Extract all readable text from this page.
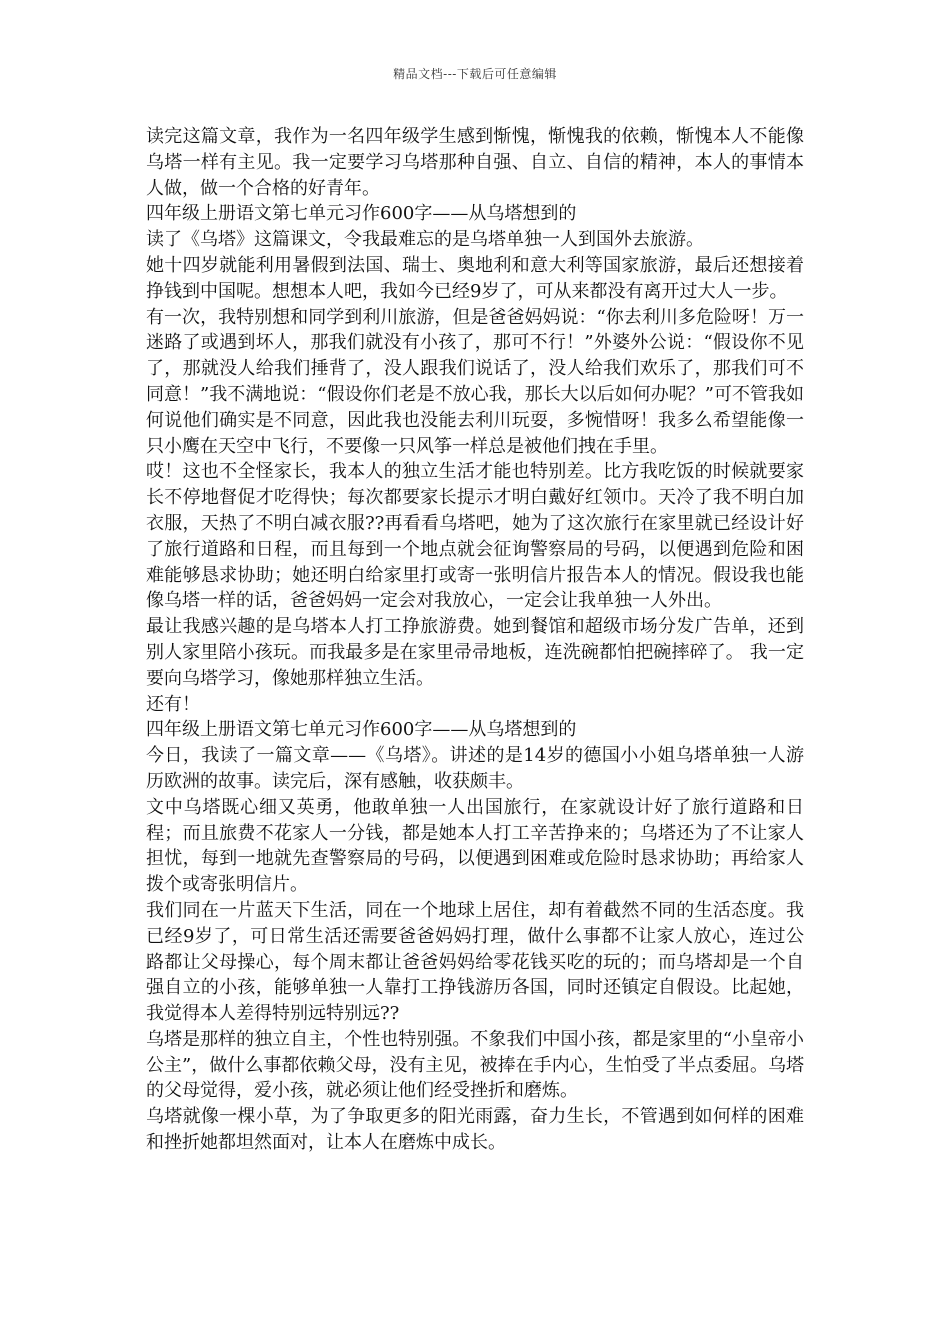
精品文档---下载后可任意编辑

读完这篇文章，我作为一名四年级学生感到惭愧，惭愧我的依赖，惭愧本人不能像乌塔一样有主见。我一定要学习乌塔那种自强、自立、自信的精神，本人的事情本人做，做一个合格的好青年。

四年级上册语文第七单元习作600字——从乌塔想到的

读了《乌塔》这篇课文，令我最难忘的是乌塔单独一人到国外去旅游。

她十四岁就能利用暑假到法国、瑞士、奥地利和意大利等国家旅游，最后还想接着挣钱到中国呢。想想本人吧，我如今已经9岁了，可从来都没有离开过大人一步。

有一次，我特别想和同学到利川旅游，但是爸爸妈妈说：“你去利川多危险呀！万一迷路了或遇到坏人，那我们就没有小孩了，那可不行！”外婆外公说：“假设你不见了，那就没人给我们捶背了，没人跟我们说话了，没人给我们欢乐了，那我们可不同意！”我不满地说：“假设你们老是不放心我，那长大以后如何办呢？”可不管我如何说他们确实是不同意，因此我也没能去利川玩耍，多惋惜呀！我多么希望能像一只小鹰在天空中飞行，不要像一只风筝一样总是被他们拽在手里。

哎！这也不全怪家长，我本人的独立生活才能也特别差。比方我吃饭的时候就要家长不停地督促才吃得快；每次都要家长提示才明白戴好红领巾。天冷了我不明白加衣服，天热了不明白减衣服??再看看乌塔吧，她为了这次旅行在家里就已经设计好了旅行道路和日程，而且每到一个地点就会征询警察局的号码，以便遇到危险和困难能够恳求协助；她还明白给家里打或寄一张明信片报告本人的情况。假设我也能像乌塔一样的话，爸爸妈妈一定会对我放心，一定会让我单独一人外出。

最让我感兴趣的是乌塔本人打工挣旅游费。她到餐馆和超级市场分发广告单，还到别人家里陪小孩玩。而我最多是在家里帚帚地板，连洗碗都怕把碗摔碎了。 我一定要向乌塔学习，像她那样独立生活。

还有！

四年级上册语文第七单元习作600字——从乌塔想到的

今日，我读了一篇文章——《乌塔》。讲述的是14岁的德国小小姐乌塔单独一人游历欧洲的故事。读完后，深有感触，收获颇丰。

文中乌塔既心细又英勇，他敢单独一人出国旅行，在家就设计好了旅行道路和日程；而且旅费不花家人一分钱，都是她本人打工辛苦挣来的；乌塔还为了不让家人担忧，每到一地就先查警察局的号码，以便遇到困难或危险时恳求协助；再给家人拨个或寄张明信片。

我们同在一片蓝天下生活，同在一个地球上居住，却有着截然不同的生活态度。我已经9岁了，可日常生活还需要爸爸妈妈打理，做什么事都不让家人放心，连过公路都让父母操心，每个周末都让爸爸妈妈给零花钱买吃的玩的；而乌塔却是一个自强自立的小孩，能够单独一人靠打工挣钱游历各国，同时还镇定自假设。比起她，我觉得本人差得特别远特别远??

乌塔是那样的独立自主，个性也特别强。不象我们中国小孩，都是家里的“小皇帝小公主”，做什么事都依赖父母，没有主见，被捧在手内心，生怕受了半点委屈。乌塔的父母觉得，爱小孩，就必须让他们经受挫折和磨炼。

乌塔就像一棵小草，为了争取更多的阳光雨露，奋力生长，不管遇到如何样的困难和挫折她都坦然面对，让本人在磨炼中成长。
